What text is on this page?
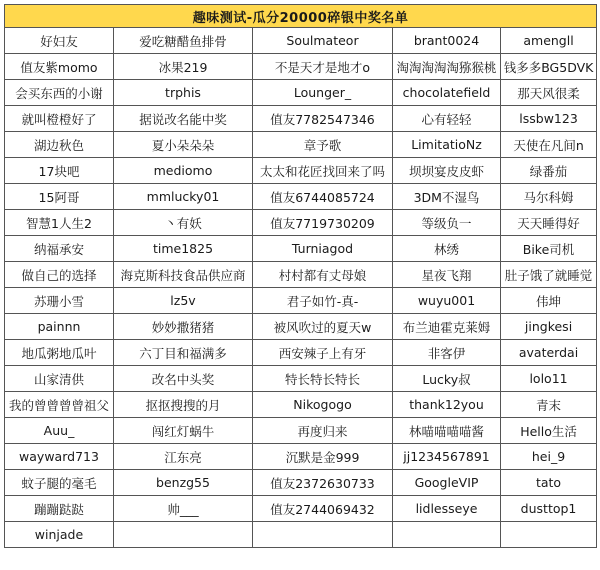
趣味测试-瓜分20000碎银中奖名单				
好妇友	爱吃糖醋鱼排骨	Soulmateor	brant0024	amengll
值友紫momo	冰果219	不是天才是地才o	淘淘淘淘淘猕猴桃	钱多多BG5DVK
会买东西的小谢	trphis	Lounger_	chocolatefield	那天风很柔
就叫橙橙好了	据说改名能中奖	值友7782547346	心有轻轻	lssbw123
湖边秋色	夏小朵朵朵	章予歌	LimitatioNz	天使在凡间n
17块吧	mediomo	太太和花匠找回来了吗	坝坝宴皮皮虾	绿番茄
15阿哥	mmlucky01	值友6744085724	3DM不湿鸟	马尔科姆
智慧1人生2	丶有妖	值友7719730209	等级负一	天天睡得好
纳福承安	time1825	Turniagod	林绣	Bike司机
做自己的选择	海克斯科技食品供应商	村村都有丈母娘	星夜飞翔	肚子饿了就睡觉
苏珊小雪	lz5v	君子如竹-真-	wuyu001	伟坤
painnn	妙妙撒猪猪	被风吹过的夏天w	布兰迪霍克莱姆	jingkesi
地瓜粥地瓜叶	六丁目和福满多	西安辣子上有牙	非客伊	avaterdai
山家清供	改名中头奖	特长特长特长	Lucky叔	lolo11
我的曾曾曾曾祖父	抠抠搜搜的月	Nikogogo	thank12you	青末
Auu_	闯红灯蜗牛	再度归来	林喵喵喵喵酱	Hello生活
wayward713	江东亮	沉默是金999	jj1234567891	hei_9
蚊子腿的毫毛	benzg55	值友2372630733	GoogleVIP	tato
蹦蹦跶跶	帅___	值友2744069432	lidlesseye	dusttop1
winjade				
